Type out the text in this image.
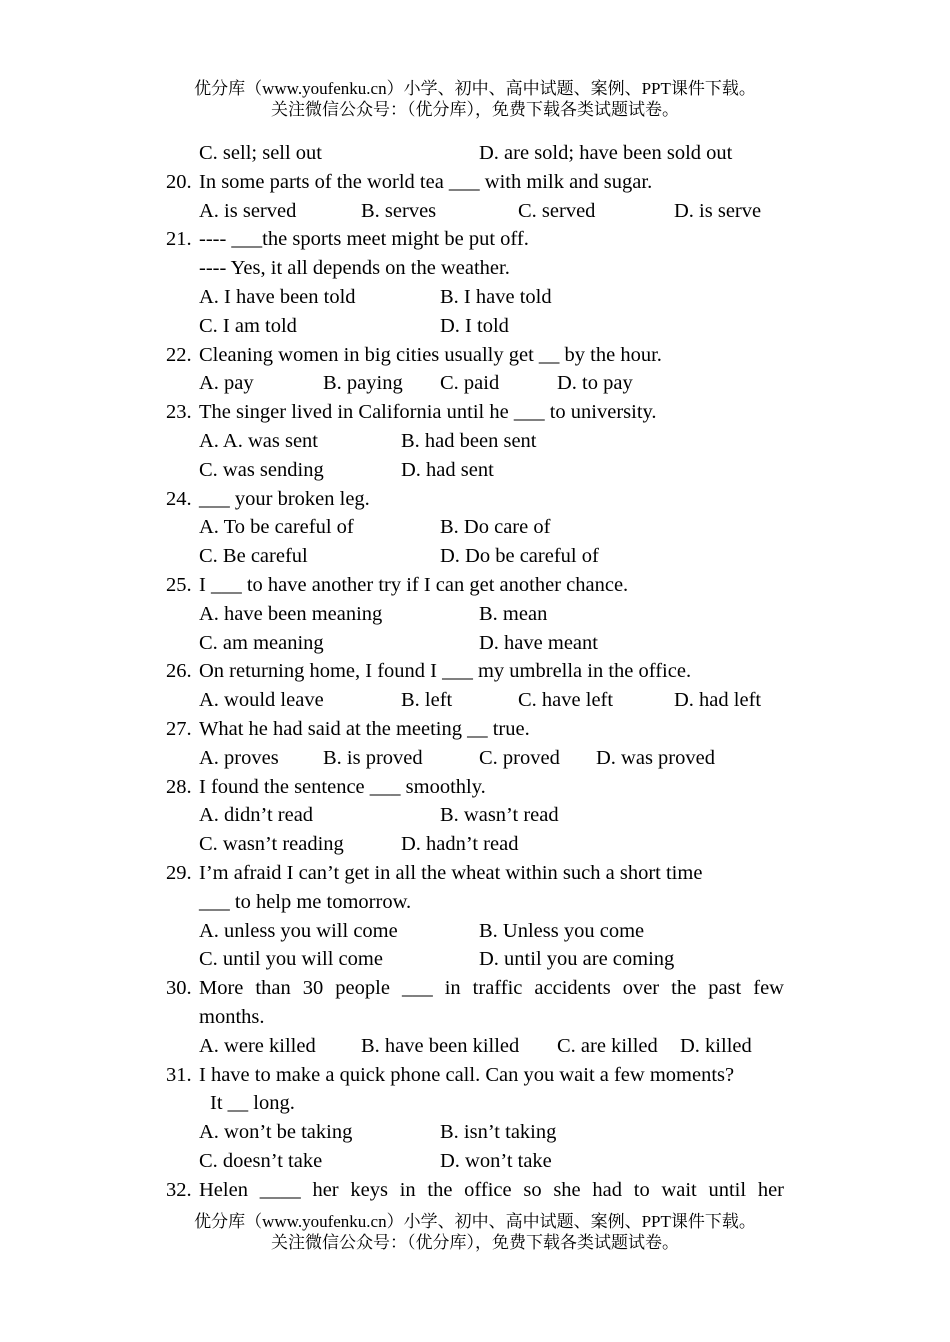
优分库（www.youfenku.cn）小学、初中、高中试题、案例、PPT课件下载。
关注微信公众号：（优分库），免费下载各类试题试卷。
C. sell; sell out	D. are sold; have been sold out
20. In some parts of the world tea ___ with milk and sugar.
A. is served	B. serves	C. served	D. is serve
21. ---- ___the sports meet might be put off.
---- Yes, it all depends on the weather.
A. I have been told	B. I have told
C. I am told	D. I told
22. Cleaning women in big cities usually get __ by the hour.
A. pay	B. paying C. paid	D. to pay
23. The singer lived in California until he ___ to university.
A. A. was sent	B. had been sent
C. was sending	D. had sent
24. ___ your broken leg.
A. To be careful of	B. Do care of
C. Be careful	D. Do be careful of
25. I ___ to have another try if I can get another chance.
A. have been meaning	B. mean
C. am meaning	D. have meant
26. On returning home, I found I ___ my umbrella in the office.
A. would leave	B. left	C. have left	D. had left
27. What he had said at the meeting __ true.
A. proves B. is proved	C. proved D. was proved
28. I found the sentence ___ smoothly.
A. didn’t read	B. wasn’t read
C. wasn’t reading	D. hadn’t read
29. I’m afraid I can’t get in all the wheat within such a short time
___ to help me tomorrow.
A. unless you will come	B. Unless you come
C. until you will come	D. until you are coming
30. More than 30 people ___ in traffic accidents over the past few
months.
A. were killed B. have been killed C. are killed D. killed
31. I have to make a quick phone call. Can you wait a few moments?
It __ long.
A. won’t be taking	B. isn’t taking
C. doesn’t take	D. won’t take
32. Helen ____ her keys in the office so she had to wait until her
优分库（www.youfenku.cn）小学、初中、高中试题、案例、PPT课件下载。
关注微信公众号：（优分库），免费下载各类试题试卷。
